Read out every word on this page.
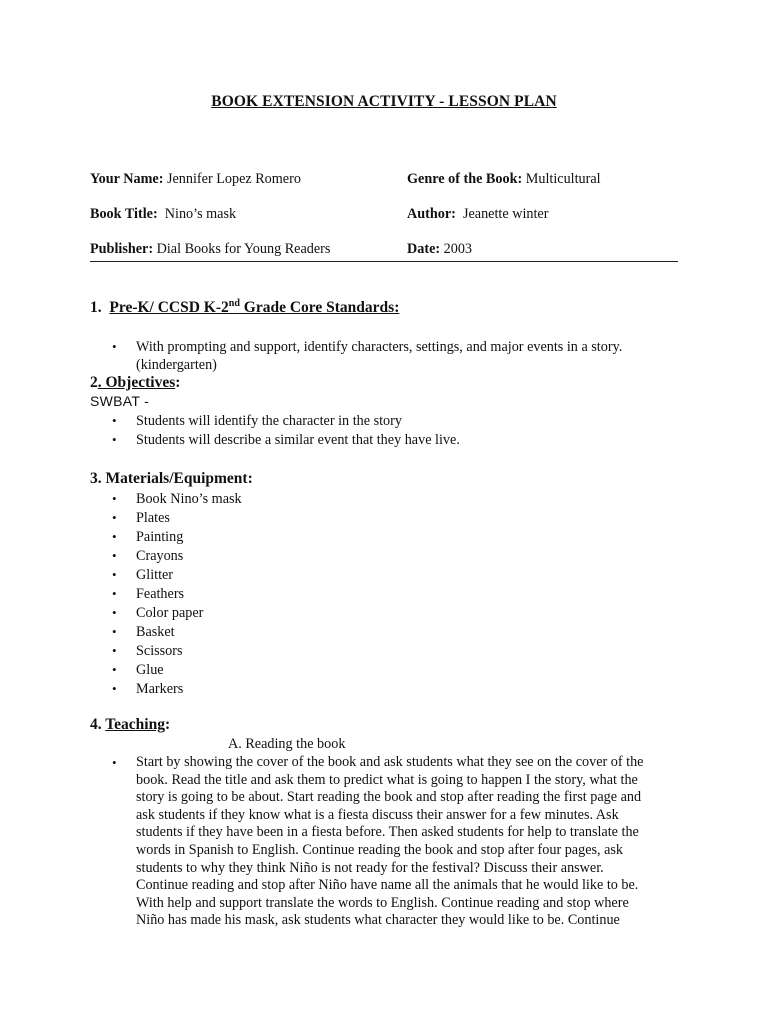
BOOK EXTENSION ACTIVITY - LESSON PLAN
Your Name: Jennifer Lopez Romero	Genre of the Book: Multicultural
Book Title: Nino’s mask	Author: Jeanette winter
Publisher: Dial Books for Young Readers	Date: 2003
1. Pre-K/ CCSD K-2nd Grade Core Standards:
• With prompting and support, identify characters, settings, and major events in a story.
(kindergarten)
2. Objectives:
SWBAT -
• Students will identify the character in the story
• Students will describe a similar event that they have live.
3. Materials/Equipment:
• Book Nino’s mask
• Plates
• Painting
• Crayons
• Glitter
• Feathers
• Color paper
• Basket
• Scissors
• Glue
• Markers
4. Teaching:
A. Reading the book
• Start by showing the cover of the book and ask students what they see on the cover of the
book. Read the title and ask them to predict what is going to happen I the story, what the
story is going to be about. Start reading the book and stop after reading the first page and
ask students if they know what is a fiesta discuss their answer for a few minutes. Ask
students if they have been in a fiesta before. Then asked students for help to translate the
words in Spanish to English. Continue reading the book and stop after four pages, ask
students to why they think Niño is not ready for the festival? Discuss their answer.
Continue reading and stop after Niño have name all the animals that he would like to be.
With help and support translate the words to English. Continue reading and stop where
Niño has made his mask, ask students what character they would like to be. Continue
